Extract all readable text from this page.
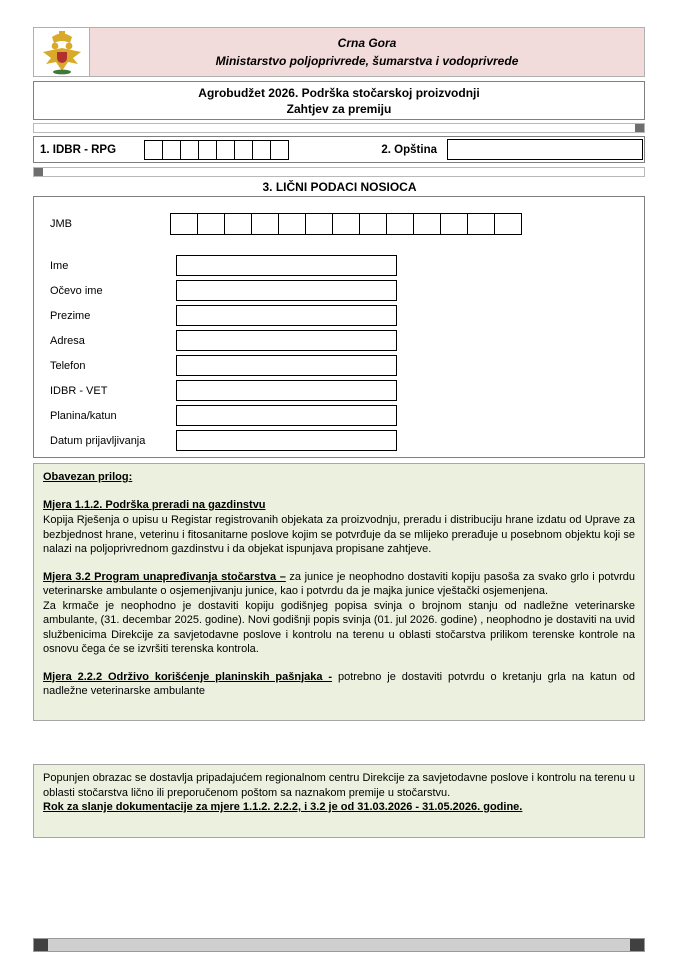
Crna Gora
Ministarstvo poljoprivrede, šumarstva i vodoprivrede
Agrobudžet 2026. Podrška stočarskoj proizvodnji
Zahtjev za premiju
1. IDBR - RPG	2. Opština
3. LIČNI PODACI NOSIOCA
JMB
Ime
Očevo ime
Prezime
Adresa
Telefon
IDBR - VET
Planina/katun
Datum prijavljivanja
Obavezan prilog:
Mjera 1.1.2. Podrška preradi na gazdinstvu
Kopija Rješenja o upisu u Registar registrovanih objekata za proizvodnju, preradu i distribuciju hrane izdatu od Uprave za bezbjednost hrane, veterinu i fitosanitarne poslove kojim se potvrđuje da se mlijeko prerađuje u posebnom objektu koji se nalazi na poljoprivrednom gazdinstvu i da objekat ispunjava propisane zahtjeve.
Mjera 3.2 Program unapređivanja stočarstva – za junice je neophodno dostaviti kopiju pasoša za svako grlo i potvrdu veterinarske ambulante o osjemenjivanju junice, kao i potvrdu da je majka junice vještački osjemenjena.
Za krmače je neophodno je dostaviti kopiju godišnjeg popisa svinja o brojnom stanju od nadležne veterinarske ambulante, (31. decembar 2025. godine). Novi godišnji popis svinja (01. jul 2026. godine) , neophodno je dostaviti na uvid službenicima Direkcije za savjetodavne poslove i kontrolu na terenu u oblasti stočarstva prilikom terenske kontrole na osnovu čega će se izvršiti terenska kontrola.
Mjera 2.2.2 Održivo korišćenje planinskih pašnjaka - potrebno je dostaviti potvrdu o kretanju grla na katun od nadležne veterinarske ambulante
Popunjen obrazac se dostavlja pripadajućem regionalnom centru Direkcije za savjetodavne poslove i kontrolu na terenu u oblasti stočarstva lično ili preporučenom poštom sa naznakom premije u stočarstvu.
Rok za slanje dokumentacije za mjere 1.1.2. 2.2.2, i 3.2 je od 31.03.2026 - 31.05.2026. godine.
